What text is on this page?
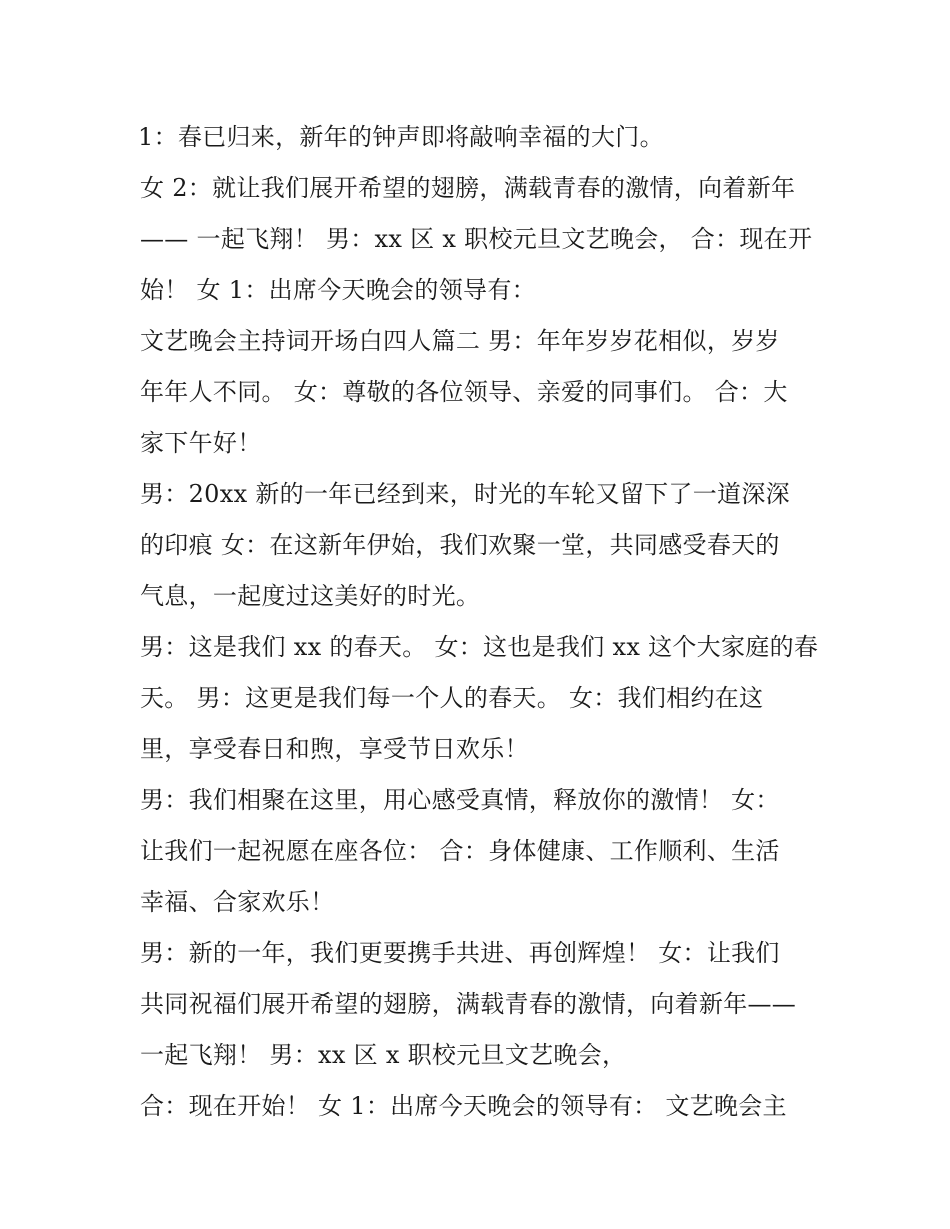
1：春已归来，新年的钟声即将敲响幸福的大门。
女 2：就让我们展开希望的翅膀，满载青春的激情，向着新年
—— 一起飞翔！ 男：xx 区 x 职校元旦文艺晚会， 合：现在开
始！ 女 1：出席今天晚会的领导有：
文艺晚会主持词开场白四人篇二 男：年年岁岁花相似，岁岁
年年人不同。 女：尊敬的各位领导、亲爱的同事们。 合：大
家下午好！
男：20xx 新的一年已经到来，时光的车轮又留下了一道深深
的印痕 女：在这新年伊始，我们欢聚一堂，共同感受春天的
气息，一起度过这美好的时光。
男：这是我们 xx 的春天。 女：这也是我们 xx 这个大家庭的春
天。 男：这更是我们每一个人的春天。 女：我们相约在这
里，享受春日和煦，享受节日欢乐！
男：我们相聚在这里，用心感受真情，释放你的激情！ 女：
让我们一起祝愿在座各位： 合：身体健康、工作顺利、生活
幸福、合家欢乐！
男：新的一年，我们更要携手共进、再创辉煌！ 女：让我们
共同祝福们展开希望的翅膀，满载青春的激情，向着新年——
一起飞翔！ 男：xx 区 x 职校元旦文艺晚会，
合：现在开始！ 女 1：出席今天晚会的领导有： 文艺晚会主
